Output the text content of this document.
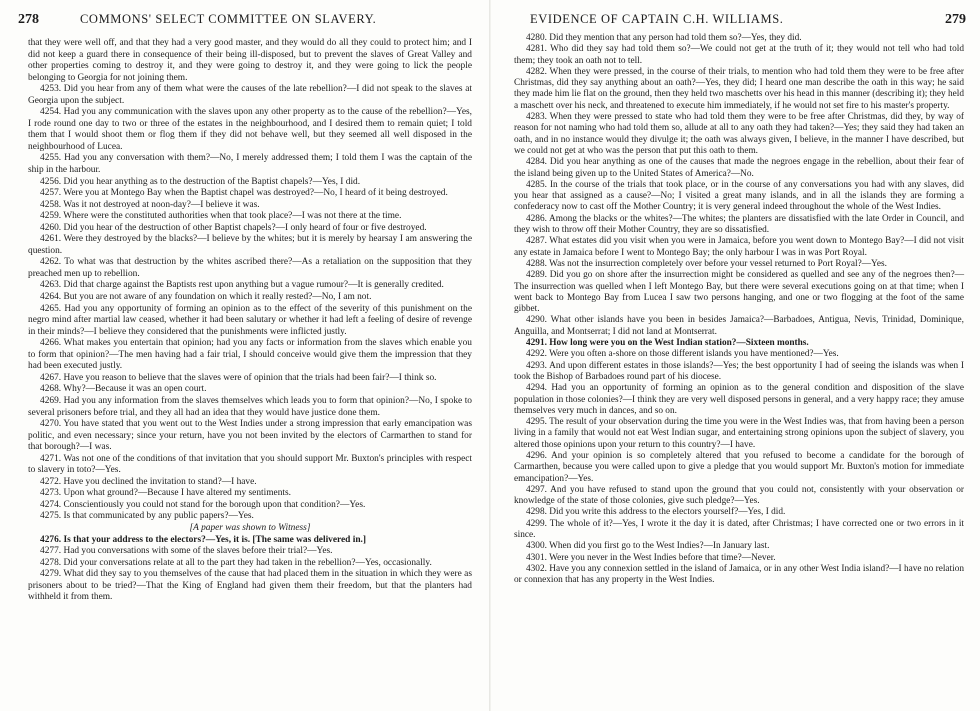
278	COMMONS' SELECT COMMITTEE ON SLAVERY.

that they were well off, and that they had a very good master, and they would do all they could to protect him; and I did not keep a guard there in consequence of their being ill-disposed, but to prevent the slaves of Great Valley and other properties coming to destroy it, and they were going to destroy it, and they were going to lick the people belonging to Georgia for not joining them.

4253. Did you hear from any of them what were the causes of the late rebellion?—I did not speak to the slaves at Georgia upon the subject.

4254. Had you any communication with the slaves upon any other property as to the cause of the rebellion?—Yes, I rode round one day to two or three of the estates in the neighbourhood, and I desired them to remain quiet; I told them that I would shoot them or flog them if they did not behave well, but they seemed all well disposed in the neighbourhood of Lucea.

4255. Had you any conversation with them?—No, I merely addressed them; I told them I was the captain of the ship in the harbour.

4256. Did you hear anything as to the destruction of the Baptist chapels?—Yes, I did.

4257. Were you at Montego Bay when the Baptist chapel was destroyed?—No, I heard of it being destroyed.

4258. Was it not destroyed at noon-day?—I believe it was.

4259. Where were the constituted authorities when that took place?—I was not there at the time.

4260. Did you hear of the destruction of other Baptist chapels?—I only heard of four or five destroyed.

4261. Were they destroyed by the blacks?—I believe by the whites; but it is merely by hearsay I am answering the question.

4262. To what was that destruction by the whites ascribed there?—As a retaliation on the supposition that they preached men up to rebellion.

4263. Did that charge against the Baptists rest upon anything but a vague rumour?—It is generally credited.

4264. But you are not aware of any foundation on which it really rested?—No, I am not.

4265. Had you any opportunity of forming an opinion as to the effect of the severity of this punishment on the negro mind after martial law ceased, whether it had been salutary or whether it had left a feeling of desire of revenge in their minds?—I believe they considered that the punishments were inflicted justly.

4266. What makes you entertain that opinion; had you any facts or information from the slaves which enable you to form that opinion?—The men having had a fair trial, I should conceive would give them the impression that they had been executed justly.

4267. Have you reason to believe that the slaves were of opinion that the trials had been fair?—I think so.

4268. Why?—Because it was an open court.

4269. Had you any information from the slaves themselves which leads you to form that opinion?—No, I spoke to several prisoners before trial, and they all had an idea that they would have justice done them.

4270. You have stated that you went out to the West Indies under a strong impression that early emancipation was politic, and even necessary; since your return, have you not been invited by the electors of Carmarthen to stand for that borough?—I was.

4271. Was not one of the conditions of that invitation that you should support Mr. Buxton's principles with respect to slavery in toto?—Yes.

4272. Have you declined the invitation to stand?—I have.

4273. Upon what ground?—Because I have altered my sentiments.

4274. Conscientiously you could not stand for the borough upon that condition?—Yes.

4275. Is that communicated by any public papers?—Yes.

[A paper was shown to Witness]

4276. Is that your address to the electors?—Yes, it is. [The same was delivered in.]

4277. Had you conversations with some of the slaves before their trial?—Yes.

4278. Did your conversations relate at all to the part they had taken in the rebellion?—Yes, occasionally.

4279. What did they say to you themselves of the cause that had placed them in the situation in which they were as prisoners about to be tried?—That the King of England had given them their freedom, but that the planters had withheld it from them.

EVIDENCE OF CAPTAIN C.H. WILLIAMS.	279

4280. Did they mention that any person had told them so?—Yes, they did.

4281. Who did they say had told them so?—We could not get at the truth of it; they would not tell who had told them; they took an oath not to tell.

4282. When they were pressed, in the course of their trials, to mention who had told them they were to be free after Christmas, did they say anything about an oath?—Yes, they did; I heard one man describe the oath in this way; he said they made him lie flat on the ground, then they held two maschetts over his head in this manner (describing it); they held a maschett over his neck, and threatened to execute him immediately, if he would not set fire to his master's property.

4283. When they were pressed to state who had told them they were to be free after Christmas, did they, by way of reason for not naming who had told them so, allude at all to any oath they had taken?—Yes; they said they had taken an oath, and in no instance would they divulge it; the oath was always given, I believe, in the manner I have described, but we could not get at who was the person that put this oath to them.

4284. Did you hear anything as one of the causes that made the negroes engage in the rebellion, about their fear of the island being given up to the United States of America?—No.

4285. In the course of the trials that took place, or in the course of any conversations you had with any slaves, did you hear that assigned as a cause?—No; I visited a great many islands, and in all the islands they are forming a confederacy now to cast off the Mother Country; it is very general indeed throughout the whole of the West Indies.

4286. Among the blacks or the whites?—The whites; the planters are dissatisfied with the late Order in Council, and they wish to throw off their Mother Country, they are so dissatisfied.

4287. What estates did you visit when you were in Jamaica, before you went down to Montego Bay?—I did not visit any estate in Jamaica before I went to Montego Bay; the only harbour I was in was Port Royal.

4288. Was not the insurrection completely over before your vessel returned to Port Royal?—Yes.

4289. Did you go on shore after the insurrection might be considered as quelled and see any of the negroes then?—The insurrection was quelled when I left Montego Bay, but there were several executions going on at that time; when I went back to Montego Bay from Lucea I saw two persons hanging, and one or two flogging at the foot of the same gibbet.

4290. What other islands have you been in besides Jamaica?—Barbadoes, Antigua, Nevis, Trinidad, Dominique, Anguilla, and Montserrat; I did not land at Montserrat.

4291. How long were you on the West Indian station?—Sixteen months.

4292. Were you often a-shore on those different islands you have mentioned?—Yes.

4293. And upon different estates in those islands?—Yes; the best opportunity I had of seeing the islands was when I took the Bishop of Barbadoes round part of his diocese.

4294. Had you an opportunity of forming an opinion as to the general condition and disposition of the slave population in those colonies?—I think they are very well disposed persons in general, and a very happy race; they amuse themselves very much in dances, and so on.

4295. The result of your observation during the time you were in the West Indies was, that from having been a person living in a family that would not eat West Indian sugar, and entertaining strong opinions upon the subject of slavery, you altered those opinions upon your return to this country?—I have.

4296. And your opinion is so completely altered that you refused to become a candidate for the borough of Carmarthen, because you were called upon to give a pledge that you would support Mr. Buxton's motion for immediate emancipation?—Yes.

4297. And you have refused to stand upon the ground that you could not, consistently with your observation or knowledge of the state of those colonies, give such pledge?—Yes.

4298. Did you write this address to the electors yourself?—Yes, I did.

4299. The whole of it?—Yes, I wrote it the day it is dated, after Christmas; I have corrected one or two errors in it since.

4300. When did you first go to the West Indies?—In January last.

4301. Were you never in the West Indies before that time?—Never.

4302. Have you any connexion settled in the island of Jamaica, or in any other West India island?—I have no relation or connexion that has any property in the West Indies.
